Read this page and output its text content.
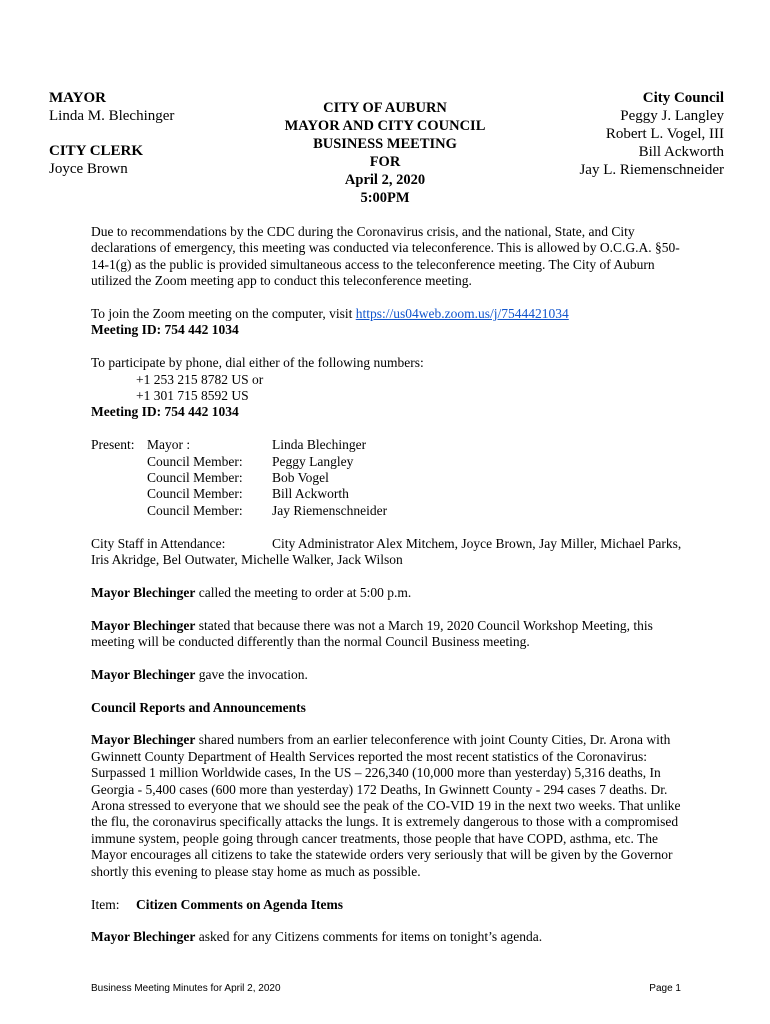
MAYOR
Linda M. Blechinger
CITY CLERK
Joyce Brown
CITY OF AUBURN
MAYOR AND CITY COUNCIL
BUSINESS MEETING
FOR
April 2, 2020
5:00PM
City Council
Peggy J. Langley
Robert L. Vogel, III
Bill Ackworth
Jay L. Riemenschneider

Due to recommendations by the CDC during the Coronavirus crisis, and the national, State, and City declarations of emergency, this meeting was conducted via teleconference. This is allowed by O.C.G.A. §50-14-1(g) as the public is provided simultaneous access to the teleconference meeting. The City of Auburn utilized the Zoom meeting app to conduct this teleconference meeting.

To join the Zoom meeting on the computer, visit https://us04web.zoom.us/j/7544421034
Meeting ID: 754 442 1034

To participate by phone, dial either of the following numbers:
+1 253 215 8782 US or
+1 301 715 8592 US
Meeting ID: 754 442 1034

Present: Mayor :	Linda Blechinger
Council Member:	Peggy Langley
Council Member:	Bob Vogel
Council Member:	Bill Ackworth
Council Member:	Jay Riemenschneider
City Staff in Attendance:	City Administrator Alex Mitchem, Joyce Brown, Jay Miller, Michael Parks, Iris Akridge, Bel Outwater, Michelle Walker, Jack Wilson

Mayor Blechinger called the meeting to order at 5:00 p.m.

Mayor Blechinger stated that because there was not a March 19, 2020 Council Workshop Meeting, this meeting will be conducted differently than the normal Council Business meeting.

Mayor Blechinger gave the invocation.

Council Reports and Announcements

Mayor Blechinger shared numbers from an earlier teleconference with joint County Cities, Dr. Arona with Gwinnett County Department of Health Services reported the most recent statistics of the Coronavirus: Surpassed 1 million Worldwide cases, In the US – 226,340 (10,000 more than yesterday) 5,316 deaths, In Georgia - 5,400 cases (600 more than yesterday) 172 Deaths, In Gwinnett County - 294 cases 7 deaths. Dr. Arona stressed to everyone that we should see the peak of the CO-VID 19 in the next two weeks. That unlike the flu, the coronavirus specifically attacks the lungs. It is extremely dangerous to those with a compromised immune system, people going through cancer treatments, those people that have COPD, asthma, etc. The Mayor encourages all citizens to take the statewide orders very seriously that will be given by the Governor shortly this evening to please stay home as much as possible.

Item: Citizen Comments on Agenda Items

Mayor Blechinger asked for any Citizens comments for items on tonight’s agenda.

Business Meeting Minutes for April 2, 2020	Page 1
